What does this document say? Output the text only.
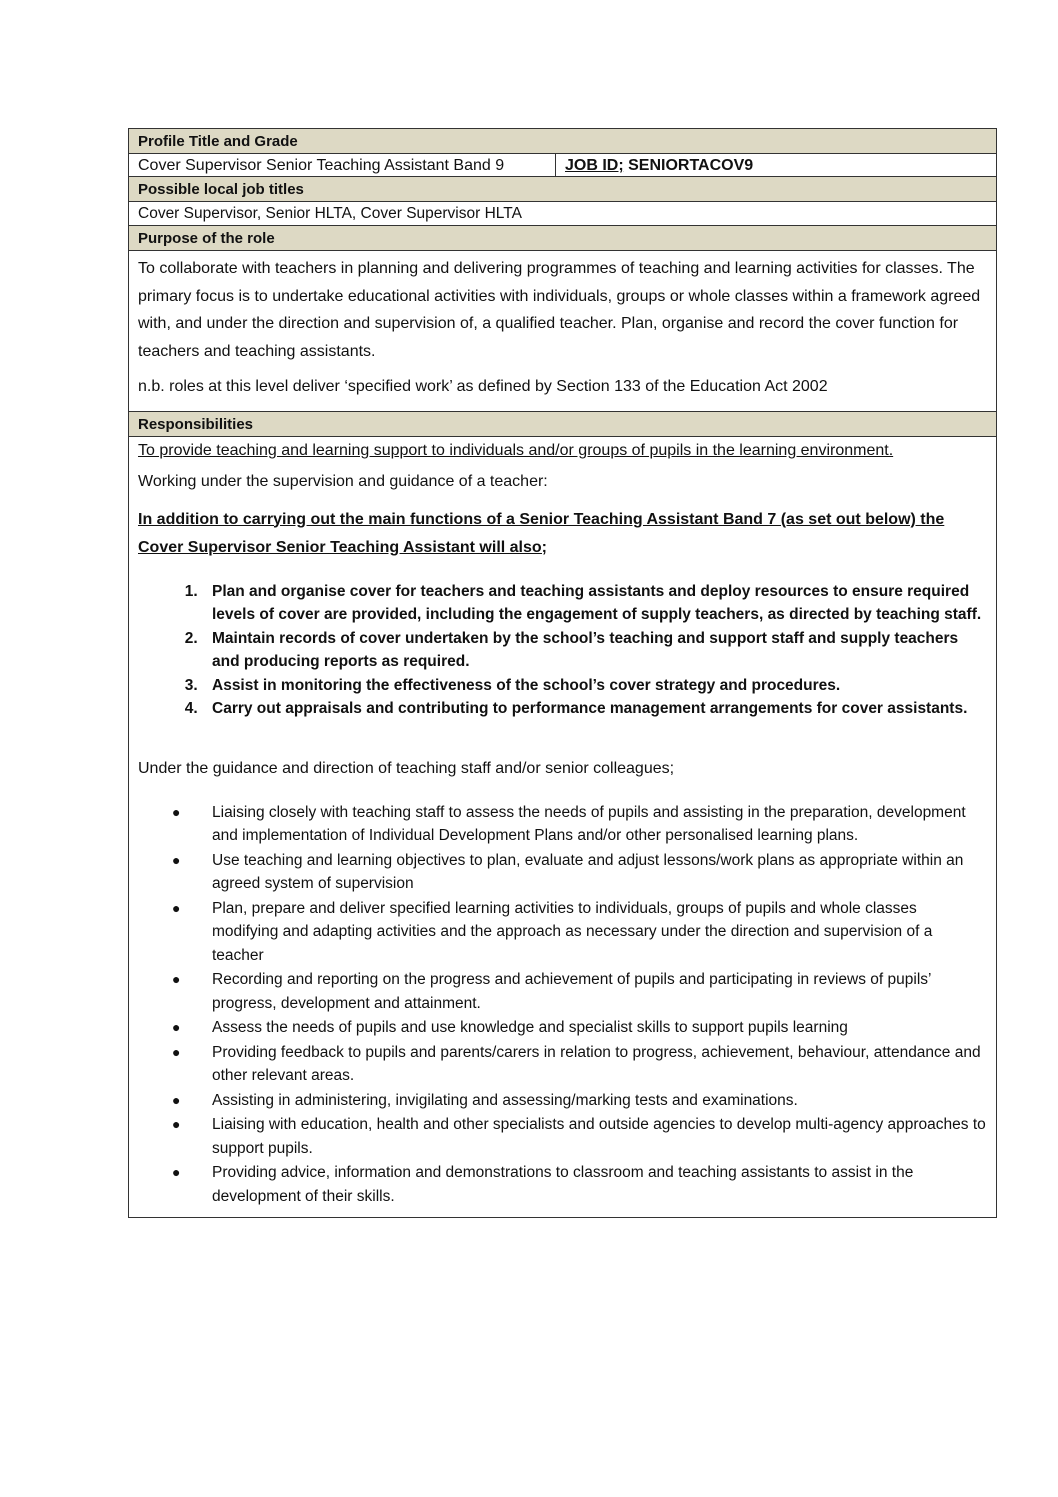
Profile Title and Grade
Cover Supervisor Senior Teaching Assistant Band 9	JOB ID; SENIORTACOV9
Possible local job titles
Cover Supervisor, Senior HLTA, Cover Supervisor HLTA
Purpose of the role

To collaborate with teachers in planning and delivering programmes of teaching and learning activities for classes. The primary focus is to undertake educational activities with individuals, groups or whole classes within a framework agreed with, and under the direction and supervision of, a qualified teacher. Plan, organise and record the cover function for teachers and teaching assistants.

n.b. roles at this level deliver ‘specified work’ as defined by Section 133 of the Education Act 2002

Responsibilities

To provide teaching and learning support to individuals and/or groups of pupils in the learning environment.

Working under the supervision and guidance of a teacher:

In addition to carrying out the main functions of a Senior Teaching Assistant Band 7 (as set out below) the Cover Supervisor Senior Teaching Assistant will also;

1. Plan and organise cover for teachers and teaching assistants and deploy resources to ensure required levels of cover are provided, including the engagement of supply teachers, as directed by teaching staff.
2. Maintain records of cover undertaken by the school’s teaching and support staff and supply teachers and producing reports as required.
3. Assist in monitoring the effectiveness of the school’s cover strategy and procedures.
4. Carry out appraisals and contributing to performance management arrangements for cover assistants.

Under the guidance and direction of teaching staff and/or senior colleagues;

● Liaising closely with teaching staff to assess the needs of pupils and assisting in the preparation, development and implementation of Individual Development Plans and/or other personalised learning plans.
● Use teaching and learning objectives to plan, evaluate and adjust lessons/work plans as appropriate within an agreed system of supervision
● Plan, prepare and deliver specified learning activities to individuals, groups of pupils and whole classes modifying and adapting activities and the approach as necessary under the direction and supervision of a teacher
● Recording and reporting on the progress and achievement of pupils and participating in reviews of pupils’ progress, development and attainment.
● Assess the needs of pupils and use knowledge and specialist skills to support pupils learning
● Providing feedback to pupils and parents/carers in relation to progress, achievement, behaviour, attendance and other relevant areas.
● Assisting in administering, invigilating and assessing/marking tests and examinations.
● Liaising with education, health and other specialists and outside agencies to develop multi-agency approaches to support pupils.
● Providing advice, information and demonstrations to classroom and teaching assistants to assist in the development of their skills.
